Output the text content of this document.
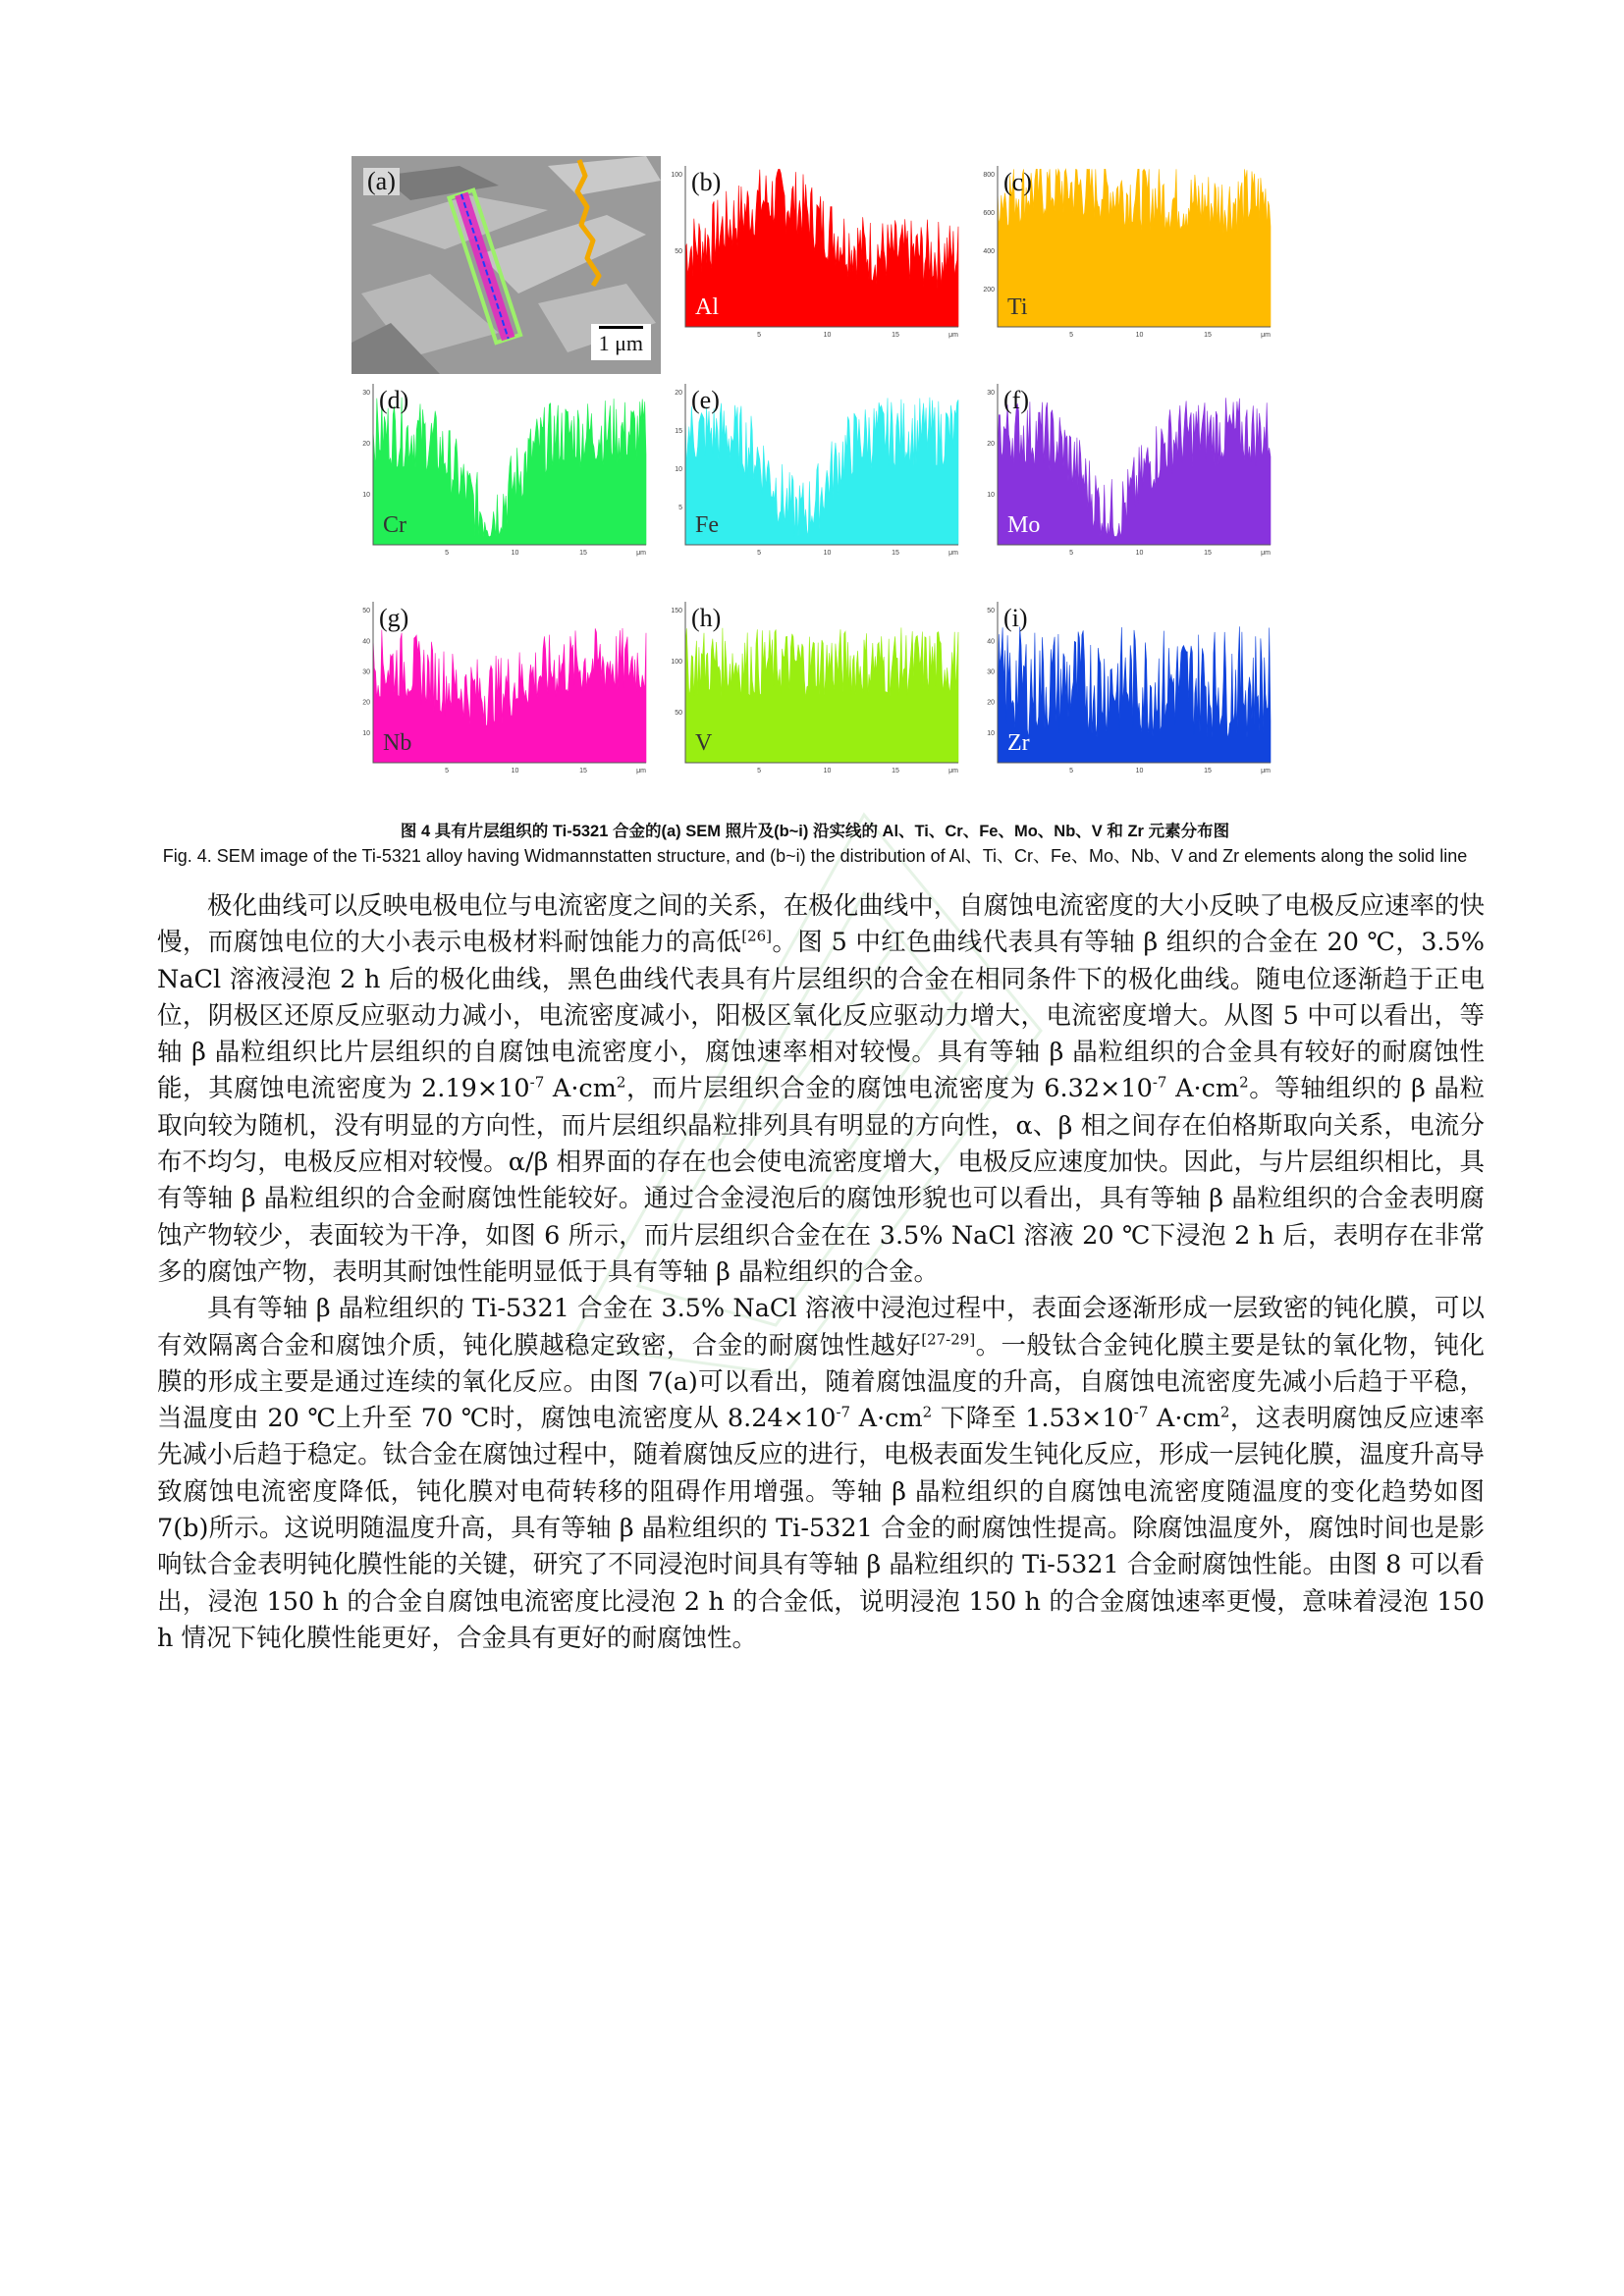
(a)
1 μm
50
100
5	10	15	μm
(b)
Al
200
400
600
800
5	10	15	μm
(c)
Ti
10
20
30
5	10	15	μm
(d)
Cr
5
10
15
20
5	10	15	μm
(e)
Fe
10
20
30
5	10	15	μm
(f)
Mo
10
20
30
40
50
5	10	15	μm
(g)
Nb
50
100
150
5	10	15	μm
(h)
V	10
20
30
40
50
5	10	15	μm
(i)
Zr
图 4 具有片层组织的 Ti-5321 合金的(a) SEM 照片及(b~i) 沿实线的 Al、Ti、Cr、Fe、Mo、Nb、V 和 Zr 元素分布图
Fig. 4. SEM image of the Ti-5321 alloy having Widmannstatten structure, and (b~i) the distribution of Al、Ti、Cr、Fe、Mo、Nb、V and Zr elements along the solid line

极化曲线可以反映电极电位与电流密度之间的关系，在极化曲线中，自腐蚀电流密度的大小反映了电极反应速率的快慢，而腐蚀电位的大小表示电极材料耐蚀能力的高低[26]。图 5 中红色曲线代表具有等轴 β 组织的合金在 20 ℃，3.5% NaCl 溶液浸泡 2 h 后的极化曲线，黑色曲线代表具有片层组织的合金在相同条件下的极化曲线。随电位逐渐趋于正电位，阴极区还原反应驱动力减小，电流密度减小，阳极区氧化反应驱动力增大，电流密度增大。从图 5 中可以看出，等轴 β 晶粒组织比片层组织的自腐蚀电流密度小，腐蚀速率相对较慢。具有等轴 β 晶粒组织的合金具有较好的耐腐蚀性能，其腐蚀电流密度为 $2.19\times 10^{-7}$ $A\cdot cm^2$，而片层组织合金的腐蚀电流密度为 $6.32\times 10^{-7}$ $A\cdot cm^2$。等轴组织的 β 晶粒取向较为随机，没有明显的方向性，而片层组织晶粒排列具有明显的方向性，α、β 相之间存在伯格斯取向关系，电流分布不均匀，电极反应相对较慢。α/β 相界面的存在也会使电流密度增大，电极反应速度加快。因此，与片层组织相比，具有等轴 β 晶粒组织的合金耐腐蚀性能较好。通过合金浸泡后的腐蚀形貌也可以看出，具有等轴 β 晶粒组织的合金表明腐蚀产物较少，表面较为干净，如图 6 所示，而片层组织合金在在 3.5% NaCl 溶液 20 ℃下浸泡 2 h 后，表明存在非常多的腐蚀产物，表明其耐蚀性能明显低于具有等轴 β 晶粒组织的合金。

具有等轴 β 晶粒组织的 Ti-5321 合金在 3.5% NaCl 溶液中浸泡过程中，表面会逐渐形成一层致密的钝化膜，可以有效隔离合金和腐蚀介质，钝化膜越稳定致密，合金的耐腐蚀性越好[27-29]。一般钛合金钝化膜主要是钛的氧化物，钝化膜的形成主要是通过连续的氧化反应。由图 7(a)可以看出，随着腐蚀温度的升高，自腐蚀电流密度先减小后趋于平稳，当温度由 20 ℃上升至 70 ℃时，腐蚀电流密度从 $8.24\times 10^{-7}$ $A\cdot cm^2$ 下降至 $1.53\times 10^{-7}$ $A\cdot cm^2$，这表明腐蚀反应速率先减小后趋于稳定。钛合金在腐蚀过程中，随着腐蚀反应的进行，电极表面发生钝化反应，形成一层钝化膜，温度升高导致腐蚀电流密度降低，钝化膜对电荷转移的阻碍作用增强。等轴 β 晶粒组织的自腐蚀电流密度随温度的变化趋势如图 7(b)所示。这说明随温度升高，具有等轴 β 晶粒组织的 Ti-5321 合金的耐腐蚀性提高。除腐蚀温度外，腐蚀时间也是影响钛合金表明钝化膜性能的关键，研究了不同浸泡时间具有等轴 β 晶粒组织的 Ti-5321 合金耐腐蚀性能。由图 8 可以看出，浸泡 150 h 的合金自腐蚀电流密度比浸泡 2 h 的合金低，说明浸泡 150 h 的合金腐蚀速率更慢，意味着浸泡 150 h 情况下钝化膜性能更好，合金具有更好的耐腐蚀性。
